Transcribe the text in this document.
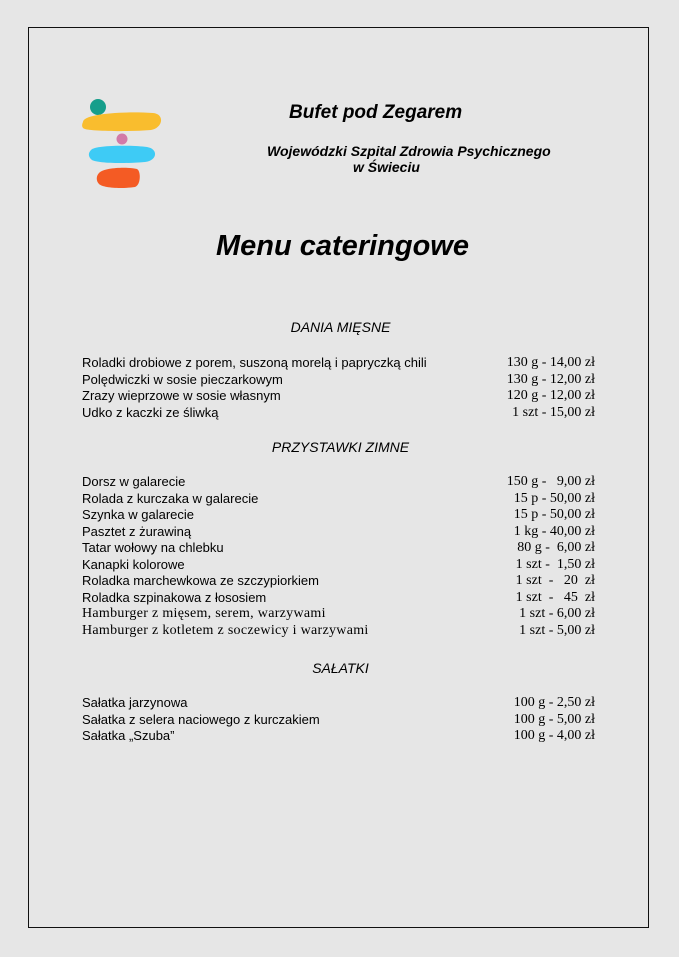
Bufet pod Zegarem
Wojewódzki Szpital Zdrowia Psychicznego
w Świeciu
Menu cateringowe
DANIA MIĘSNE
Roladki drobiowe z porem, suszoną morelą i papryczką chili	130 g - 14,00 zł
Polędwiczki w sosie pieczarkowym	130 g - 12,00 zł
Zrazy wieprzowe w sosie własnym	120 g - 12,00 zł
Udko z kaczki ze śliwką	1 szt - 15,00 zł
PRZYSTAWKI ZIMNE
Dorsz w galarecie	150 g -   9,00 zł
Rolada z kurczaka w galarecie	15 p - 50,00 zł
Szynka w galarecie	15 p - 50,00 zł
Pasztet z żurawiną	1 kg - 40,00 zł
Tatar wołowy na chlebku	80 g -  6,00 zł
Kanapki kolorowe	1 szt -  1,50 zł
Roladka marchewkowa ze szczypiorkiem	1 szt  -   20  zł
Roladka szpinakowa z łososiem	1 szt  -   45  zł
Hamburger z mięsem, serem, warzywami	1 szt - 6,00 zł
Hamburger z kotletem z soczewicy i warzywami	1 szt - 5,00 zł
SAŁATKI
Sałatka jarzynowa	100 g - 2,50 zł
Sałatka z selera naciowego z kurczakiem	100 g - 5,00 zł
Sałatka „Szuba”	100 g - 4,00 zł
